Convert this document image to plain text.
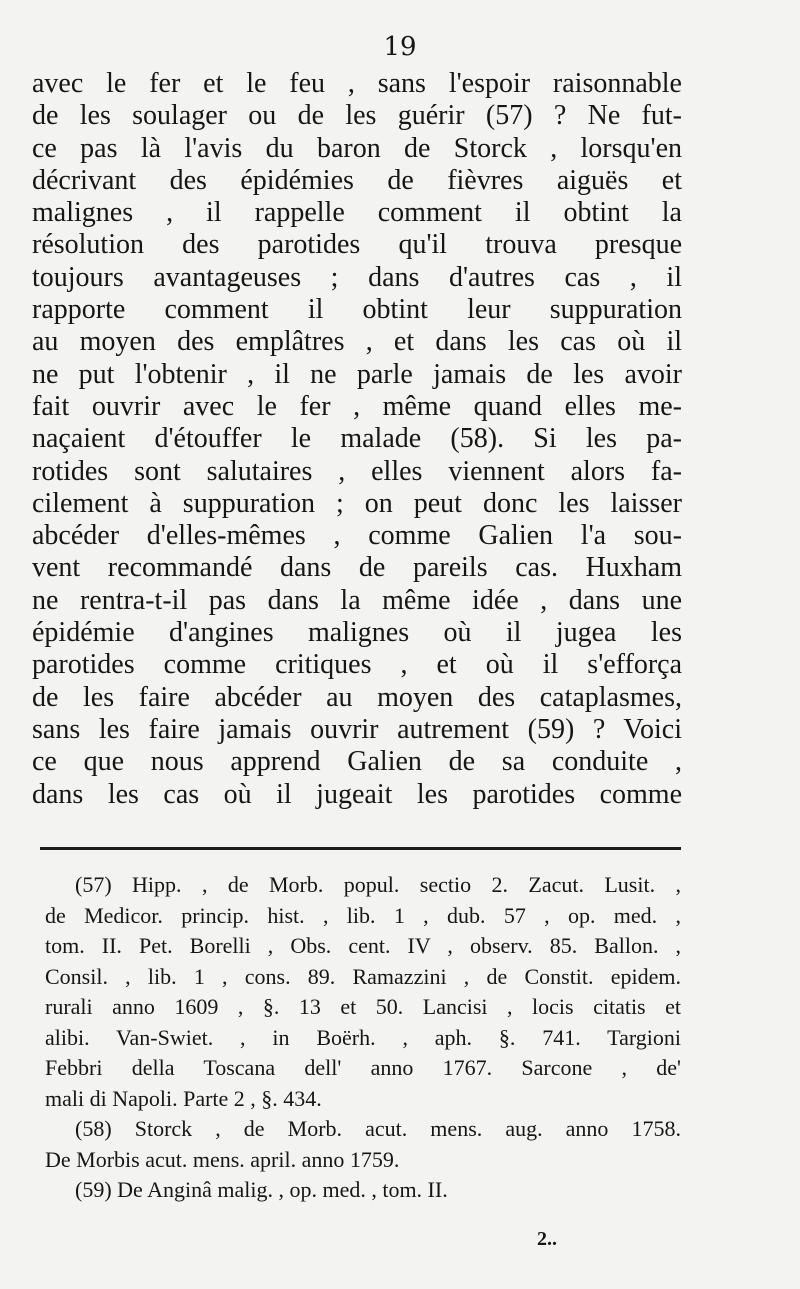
19
avec le fer et le feu , sans l'espoir raisonnable
de les soulager ou de les guérir (57) ? Ne fut-
ce pas là l'avis du baron de Storck , lorsqu'en
décrivant des épidémies de fièvres aiguës et
malignes , il rappelle comment il obtint la
résolution des parotides qu'il trouva presque
toujours avantageuses ; dans d'autres cas , il
rapporte comment il obtint leur suppuration
au moyen des emplâtres , et dans les cas où il
ne put l'obtenir , il ne parle jamais de les avoir
fait ouvrir avec le fer , même quand elles me-
naçaient d'étouffer le malade (58). Si les pa-
rotides sont salutaires , elles viennent alors fa-
cilement à suppuration ; on peut donc les laisser
abcéder d'elles-mêmes , comme Galien l'a sou-
vent recommandé dans de pareils cas. Huxham
ne rentra-t-il pas dans la même idée , dans une
épidémie d'angines malignes où il jugea les
parotides comme critiques , et où il s'efforça
de les faire abcéder au moyen des cataplasmes,
sans les faire jamais ouvrir autrement (59) ? Voici
ce que nous apprend Galien de sa conduite ,
dans les cas où il jugeait les parotides comme
(57) Hipp. , de Morb. popul. sectio 2. Zacut. Lusit. ,
de Medicor. princip. hist. , lib. 1 , dub. 57 , op. med. ,
tom. II. Pet. Borelli , Obs. cent. IV , observ. 85. Ballon. ,
Consil. , lib. 1 , cons. 89. Ramazzini , de Constit. epidem.
rurali anno 1609 , §. 13 et 50. Lancisi , locis citatis et
alibi. Van-Swiet. , in Boërh. , aph. §. 741. Targioni
Febbri della Toscana dell' anno 1767. Sarcone , de'
mali di Napoli. Parte 2 , §. 434.
(58) Storck , de Morb. acut. mens. aug. anno 1758.
De Morbis acut. mens. april. anno 1759.
(59) De Anginâ malig. , op. med. , tom. II.
2..
